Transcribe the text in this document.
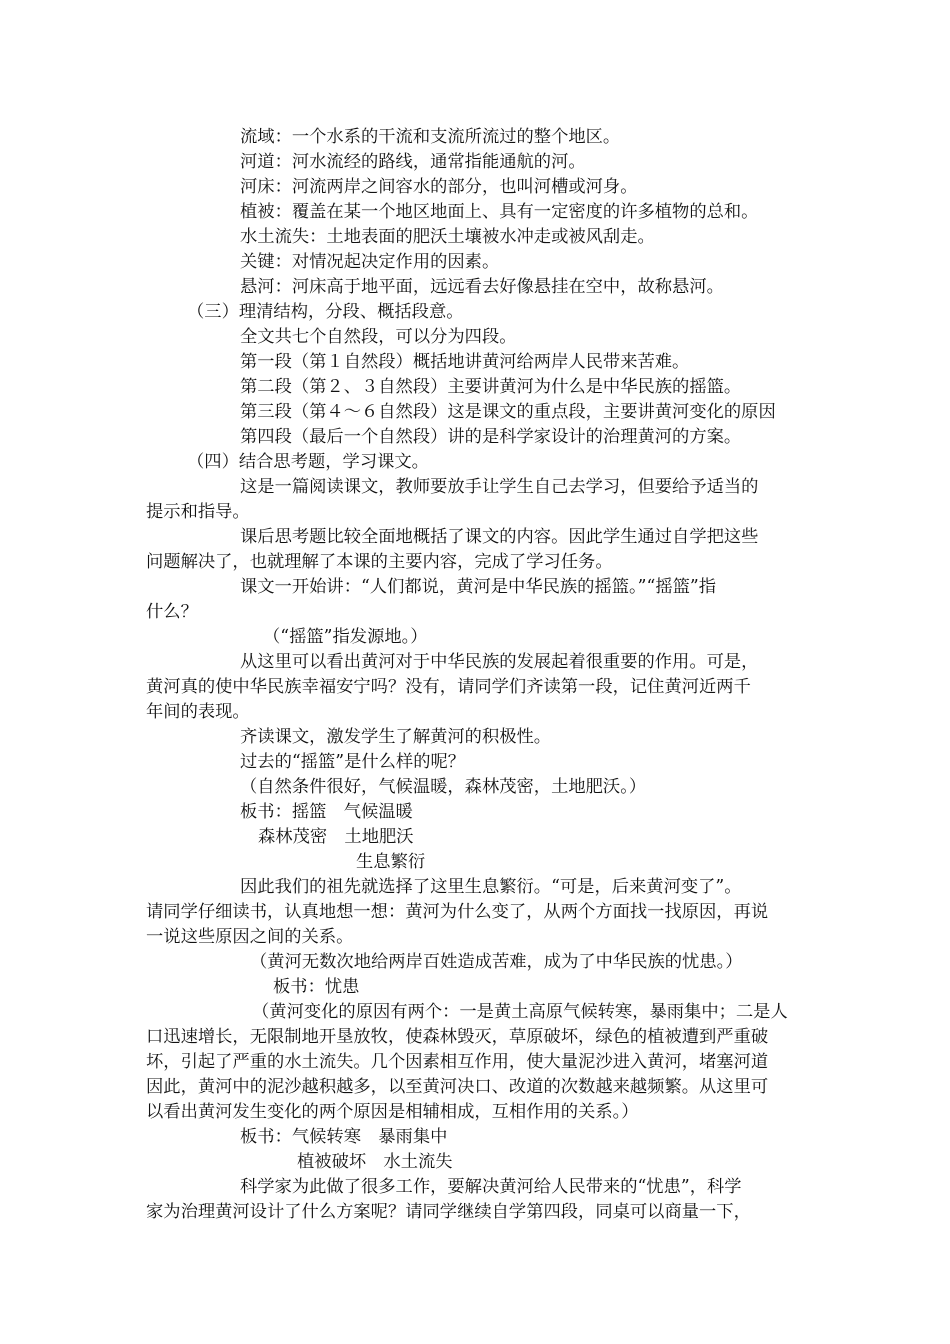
流域：一个水系的干流和支流所流过的整个地区。
河道：河水流经的路线，通常指能通航的河。
河床：河流两岸之间容水的部分，也叫河槽或河身。
植被：覆盖在某一个地区地面上、具有一定密度的许多植物的总和。
水土流失：土地表面的肥沃土壤被水冲走或被风刮走。
关键：对情况起决定作用的因素。
悬河：河床高于地平面，远远看去好像悬挂在空中，故称悬河。
（三）理清结构，分段、概括段意。
全文共七个自然段，可以分为四段。
第一段（第１自然段）概括地讲黄河给两岸人民带来苦难。
第二段（第２、３自然段）主要讲黄河为什么是中华民族的摇篮。
第三段（第４～６自然段）这是课文的重点段，主要讲黄河变化的原因
第四段（最后一个自然段）讲的是科学家设计的治理黄河的方案。
（四）结合思考题，学习课文。
这是一篇阅读课文，教师要放手让学生自己去学习，但要给予适当的
提示和指导。
课后思考题比较全面地概括了课文的内容。因此学生通过自学把这些
问题解决了，也就理解了本课的主要内容，完成了学习任务。
课文一开始讲：“人们都说，黄河是中华民族的摇篮。”“摇篮”指
什么？
（“摇篮”指发源地。）
从这里可以看出黄河对于中华民族的发展起着很重要的作用。可是，
黄河真的使中华民族幸福安宁吗？没有，请同学们齐读第一段，记住黄河近两千
年间的表现。
齐读课文，激发学生了解黄河的积极性。
过去的“摇篮”是什么样的呢？
（自然条件很好，气候温暖，森林茂密，土地肥沃。）
板书：摇篮　气候温暖
森林茂密　土地肥沃
生息繁衍
因此我们的祖先就选择了这里生息繁衍。“可是，后来黄河变了”。
请同学仔细读书，认真地想一想：黄河为什么变了，从两个方面找一找原因，再说
一说这些原因之间的关系。
（黄河无数次地给两岸百姓造成苦难，成为了中华民族的忧患。）
板书：忧患
（黄河变化的原因有两个：一是黄土高原气候转寒，暴雨集中；二是人
口迅速增长，无限制地开垦放牧，使森林毁灭，草原破坏，绿色的植被遭到严重破
坏，引起了严重的水土流失。几个因素相互作用，使大量泥沙进入黄河，堵塞河道
因此，黄河中的泥沙越积越多，以至黄河决口、改道的次数越来越频繁。从这里可
以看出黄河发生变化的两个原因是相辅相成，互相作用的关系。）
板书：气候转寒　暴雨集中
植被破坏　水土流失
科学家为此做了很多工作，要解决黄河给人民带来的“忧患”，科学
家为治理黄河设计了什么方案呢？请同学继续自学第四段，同桌可以商量一下，
